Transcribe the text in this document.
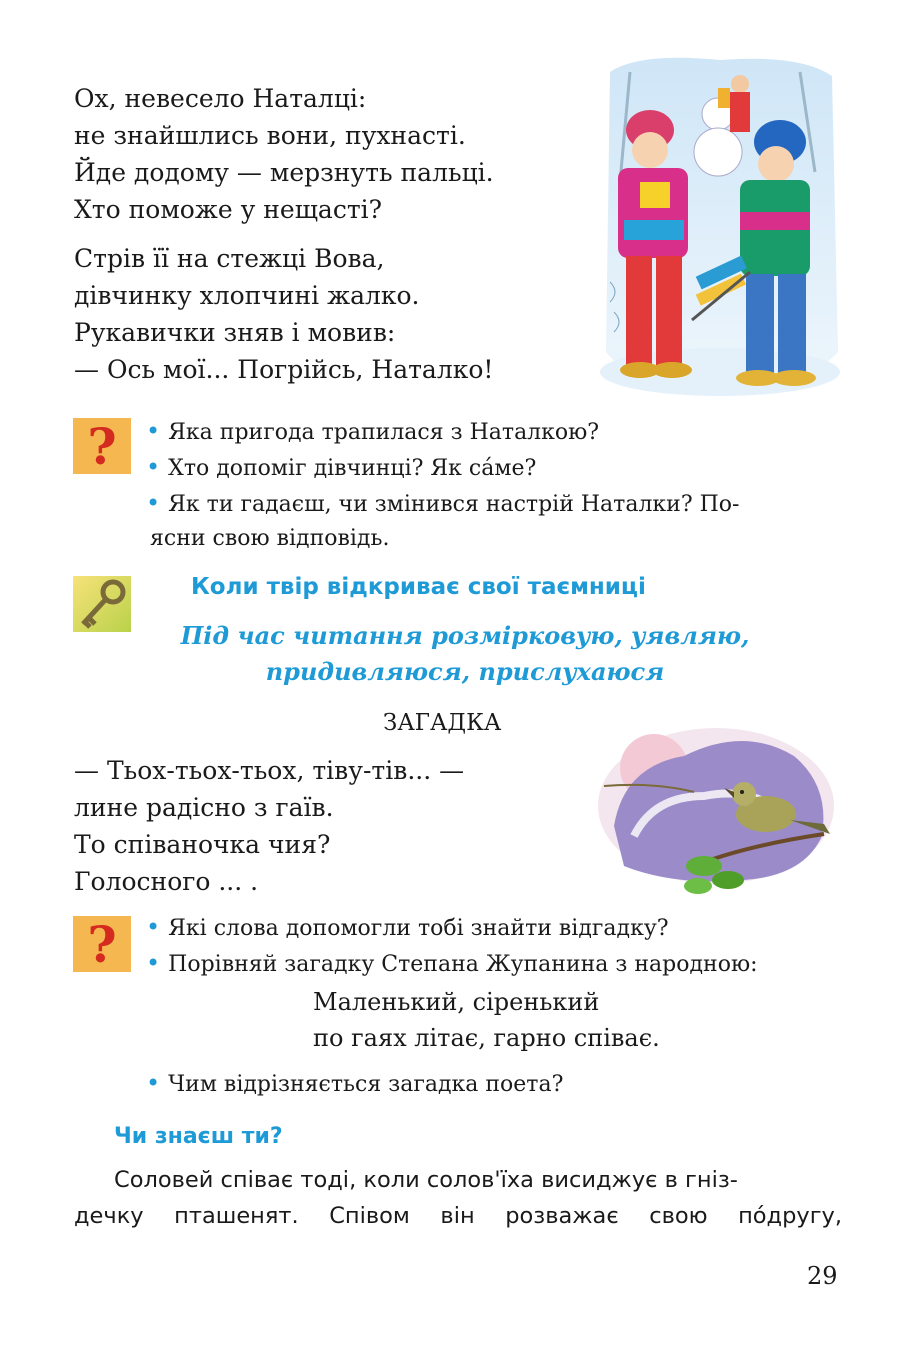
Ох, невесело Наталці:
не знайшлись вони, пухнасті.
Йде додому — мерзнуть пальці.
Хто поможе у нещасті?
Стрів її на стежці Вова,
дівчинку хлопчині жалко.
Рукавички зняв і мовив:
— Ось мої... Погрійсь, Наталко!
? • Яка пригода трапилася з Наталкою?
• Хто допоміг дівчинці? Як са́ме?
• Як ти гадаєш, чи змінився настрій Наталки? По-
ясни свою відповідь.
Коли твір відкриває свої таємниці
Під час читання розмірковую, уявляю,
придивляюся, прислухаюся
ЗАГАДКА
— Тьох-тьох-тьох, тіву-тів... —
лине радісно з гаїв.
То співаночка чия?
Голосного ... .
? • Які слова допомогли тобі знайти відгадку?
• Порівняй загадку Степана Жупанина з народною:
Маленький, сіренький
по гаях літає, гарно співає.
• Чим відрізняється загадка поета?
Чи знаєш ти?
Соловей співає тоді, коли солов'їха висиджує в гніз-
дечку пташенят. Співом він розважає свою по́другу,
29
